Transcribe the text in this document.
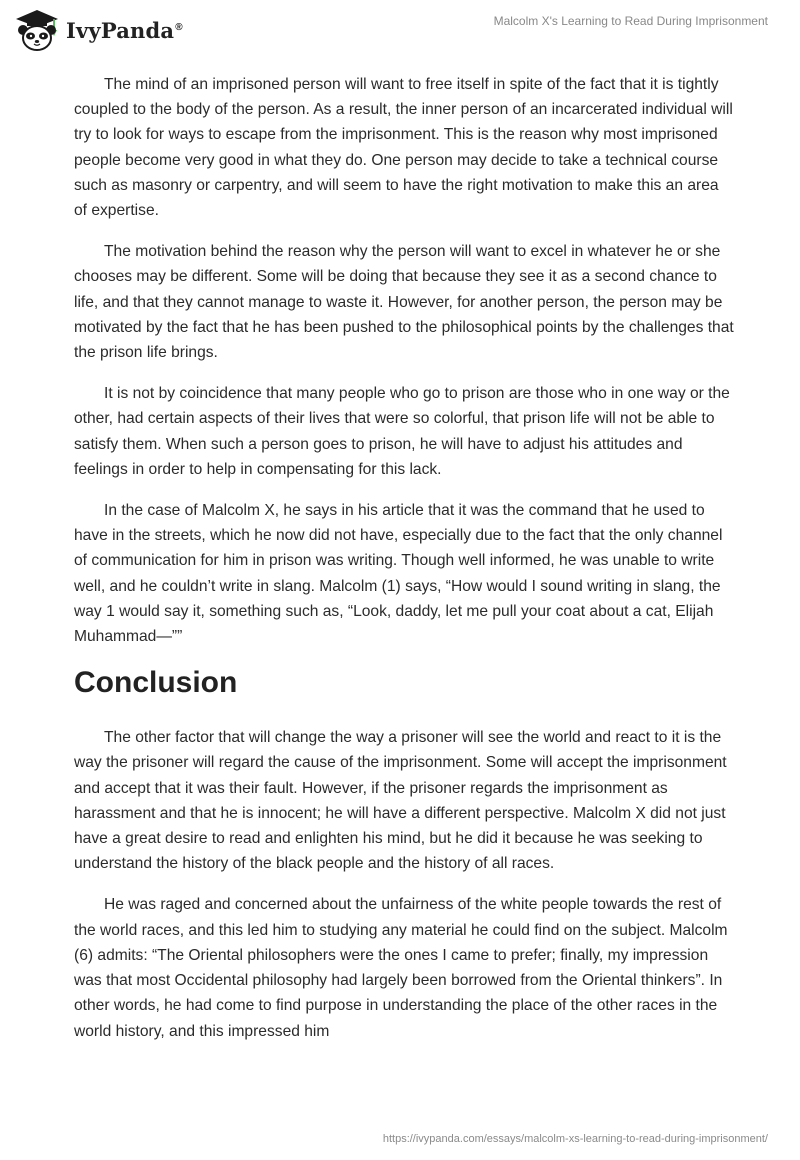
IvyPanda®	Malcolm X's Learning to Read During Imprisonment

The mind of an imprisoned person will want to free itself in spite of the fact that it is tightly coupled to the body of the person. As a result, the inner person of an incarcerated individual will try to look for ways to escape from the imprisonment. This is the reason why most imprisoned people become very good in what they do. One person may decide to take a technical course such as masonry or carpentry, and will seem to have the right motivation to make this an area of expertise.

The motivation behind the reason why the person will want to excel in whatever he or she chooses may be different. Some will be doing that because they see it as a second chance to life, and that they cannot manage to waste it. However, for another person, the person may be motivated by the fact that he has been pushed to the philosophical points by the challenges that the prison life brings.

It is not by coincidence that many people who go to prison are those who in one way or the other, had certain aspects of their lives that were so colorful, that prison life will not be able to satisfy them. When such a person goes to prison, he will have to adjust his attitudes and feelings in order to help in compensating for this lack.

In the case of Malcolm X, he says in his article that it was the command that he used to have in the streets, which he now did not have, especially due to the fact that the only channel of communication for him in prison was writing. Though well informed, he was unable to write well, and he couldn’t write in slang. Malcolm (1) says, “How would I sound writing in slang, the way 1 would say it, something such as, “Look, daddy, let me pull your coat about a cat, Elijah Muhammad—””

Conclusion

The other factor that will change the way a prisoner will see the world and react to it is the way the prisoner will regard the cause of the imprisonment. Some will accept the imprisonment and accept that it was their fault. However, if the prisoner regards the imprisonment as harassment and that he is innocent; he will have a different perspective. Malcolm X did not just have a great desire to read and enlighten his mind, but he did it because he was seeking to understand the history of the black people and the history of all races.

He was raged and concerned about the unfairness of the white people towards the rest of the world races, and this led him to studying any material he could find on the subject. Malcolm (6) admits: “The Oriental philosophers were the ones I came to prefer; finally, my impression was that most Occidental philosophy had largely been borrowed from the Oriental thinkers”. In other words, he had come to find purpose in understanding the place of the other races in the world history, and this impressed him

https://ivypanda.com/essays/malcolm-xs-learning-to-read-during-imprisonment/
